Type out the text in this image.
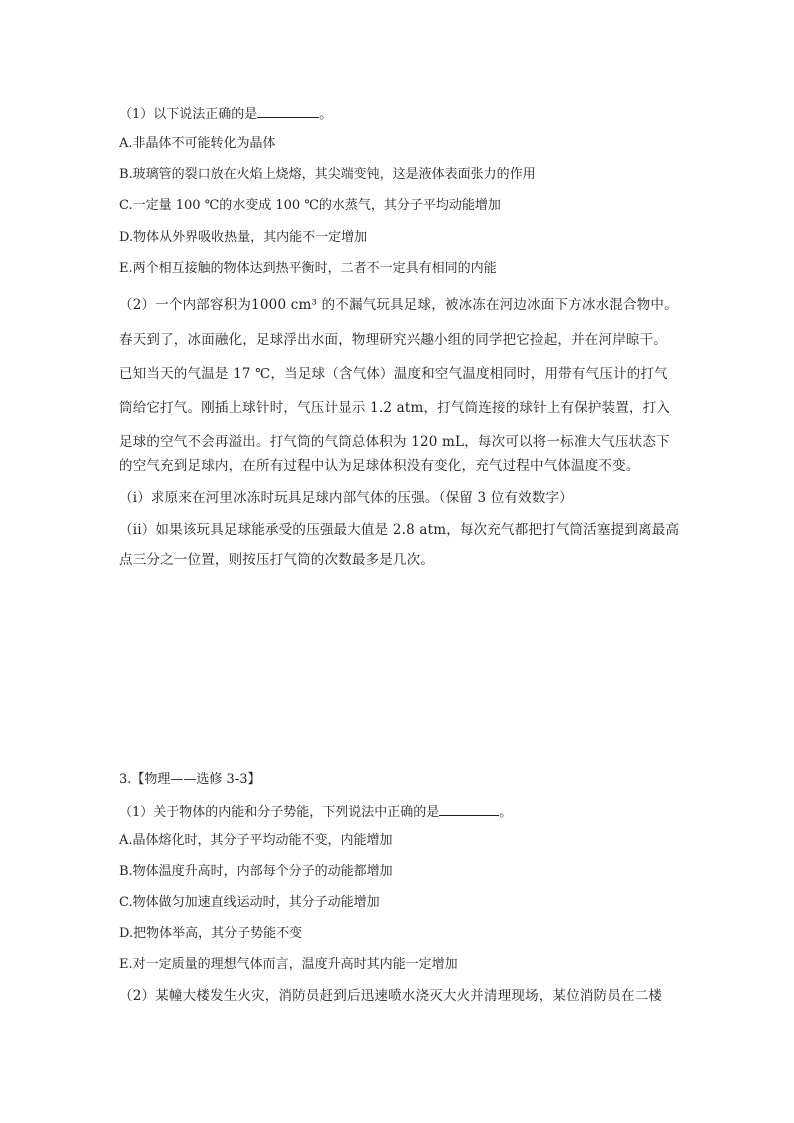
（1）以下说法正确的是	。
A.非晶体不可能转化为晶体
B.玻璃管的裂口放在火焰上烧熔，其尖端变钝，这是液体表面张力的作用
C.一定量 100 ℃的水变成 100 ℃的水蒸气，其分子平均动能增加
D.物体从外界吸收热量，其内能不一定增加
E.两个相互接触的物体达到热平衡时，二者不一定具有相同的内能
（2）一个内部容积为1000 cm³ 的不漏气玩具足球，被冰冻在河边冰面下方冰水混合物中。
春天到了，冰面融化，足球浮出水面，物理研究兴趣小组的同学把它捡起，并在河岸晾干。
已知当天的气温是 17 ℃，当足球（含气体）温度和空气温度相同时，用带有气压计的打气
筒给它打气。刚插上球针时，气压计显示 1.2 atm，打气筒连接的球针上有保护装置，打入
足球的空气不会再溢出。打气筒的气筒总体积为 120 mL，每次可以将一标准大气压状态下
的空气充到足球内，在所有过程中认为足球体积没有变化，充气过程中气体温度不变。
（i）求原来在河里冰冻时玩具足球内部气体的压强。（保留 3 位有效数字）
（ii）如果该玩具足球能承受的压强最大值是 2.8 atm，每次充气都把打气筒活塞提到离最高
点三分之一位置，则按压打气筒的次数最多是几次。
3.【物理——选修 3-3】
（1）关于物体的内能和分子势能，下列说法中正确的是	。
A.晶体熔化时，其分子平均动能不变，内能增加
B.物体温度升高时，内部每个分子的动能都增加
C.物体做匀加速直线运动时，其分子动能增加
D.把物体举高，其分子势能不变
E.对一定质量的理想气体而言，温度升高时其内能一定增加
（2）某幢大楼发生火灾，消防员赶到后迅速喷水浇灭大火并清理现场，某位消防员在二楼
